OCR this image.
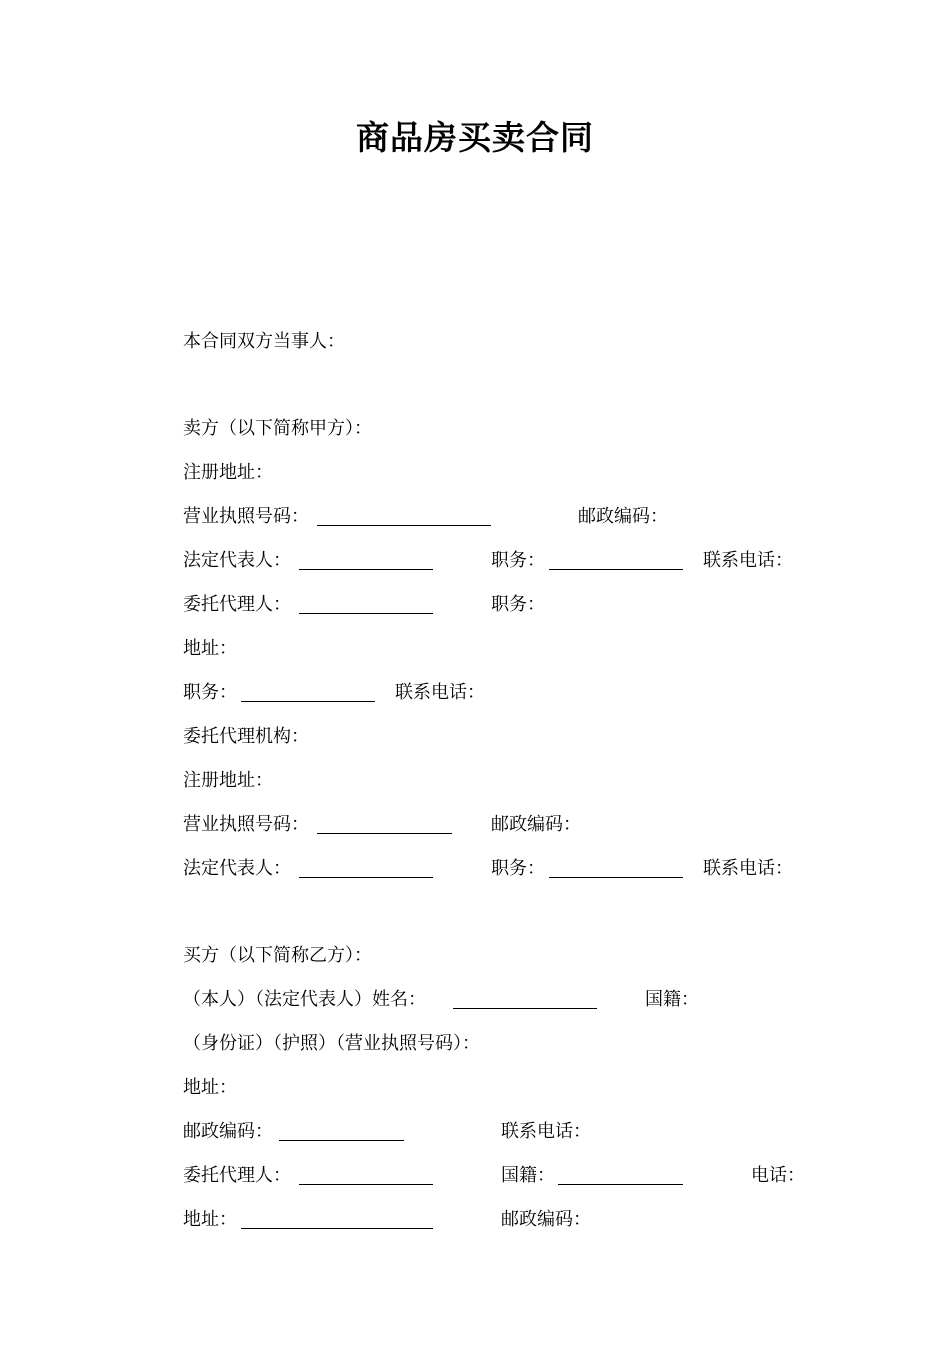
商品房买卖合同
本合同双方当事人：
卖方（以下简称甲方）：
注册地址：
营业执照号码：	邮政编码：
法定代表人：	职务：	联系电话：
委托代理人：	职务：
地址：
职务：	联系电话：
委托代理机构：
注册地址：
营业执照号码：	邮政编码：
法定代表人：	职务：	联系电话：
买方（以下简称乙方）：
（本人）（法定代表人）姓名：	国籍：
（身份证）（护照）（营业执照号码）：
地址：
邮政编码：	联系电话：
委托代理人：	国籍：	电话：
地址：	邮政编码：
